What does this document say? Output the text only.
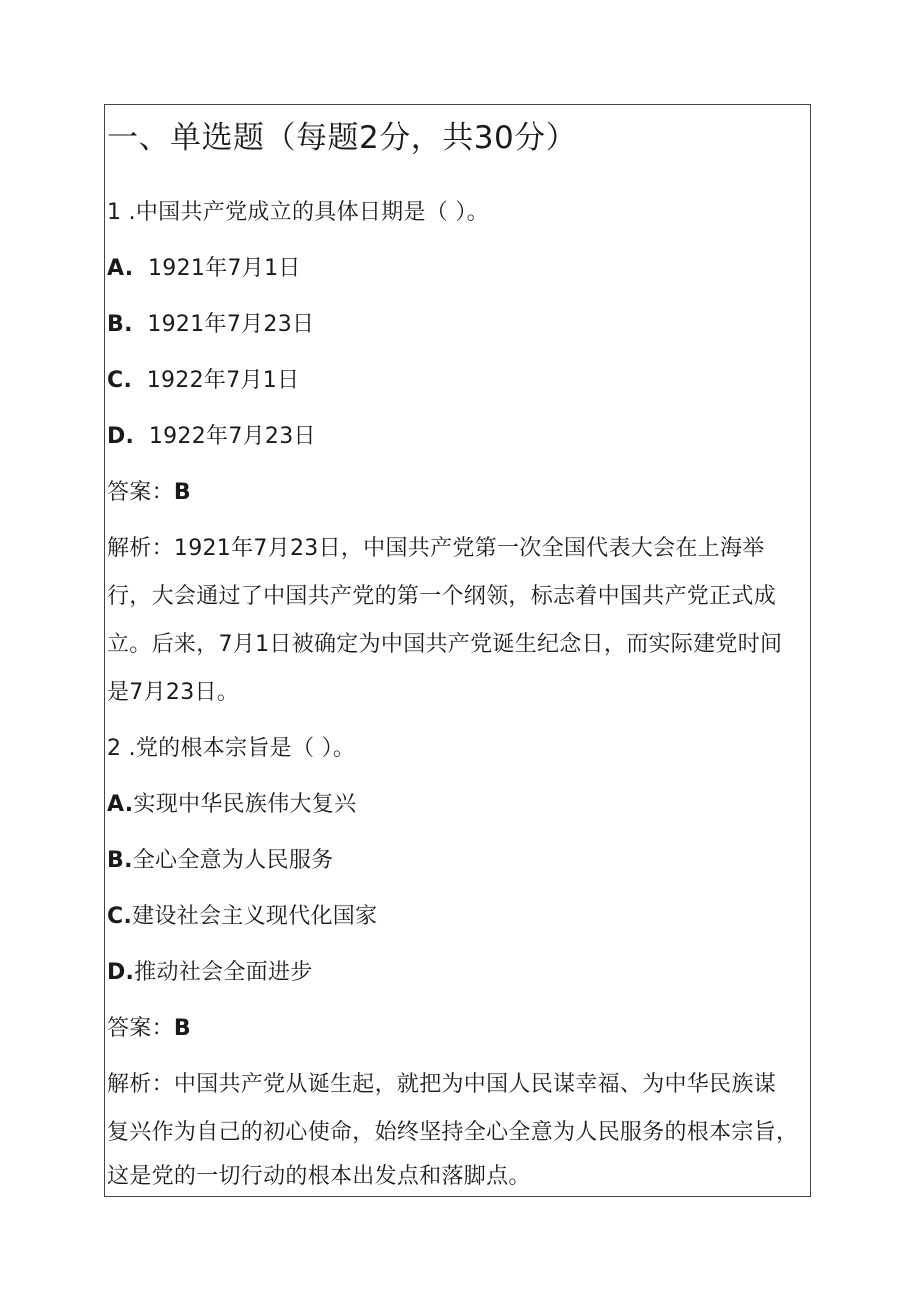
一、单选题（每题2分，共30分）
1 .中国共产党成立的具体日期是（ ）。
A. 1921年7月1日
B. 1921年7月23日
C. 1922年7月1日
D. 1922年7月23日
答案：B
解析：1921年7月23日，中国共产党第一次全国代表大会在上海举
行，大会通过了中国共产党的第一个纲领，标志着中国共产党正式成
立。后来，7月1日被确定为中国共产党诞生纪念日，而实际建党时间
是7月23日。
2 .党的根本宗旨是（ ）。
A.实现中华民族伟大复兴
B.全心全意为人民服务
C.建设社会主义现代化国家
D.推动社会全面进步
答案：B
解析：中国共产党从诞生起，就把为中国人民谋幸福、为中华民族谋
复兴作为自己的初心使命，始终坚持全心全意为人民服务的根本宗旨，
这是党的一切行动的根本出发点和落脚点。
